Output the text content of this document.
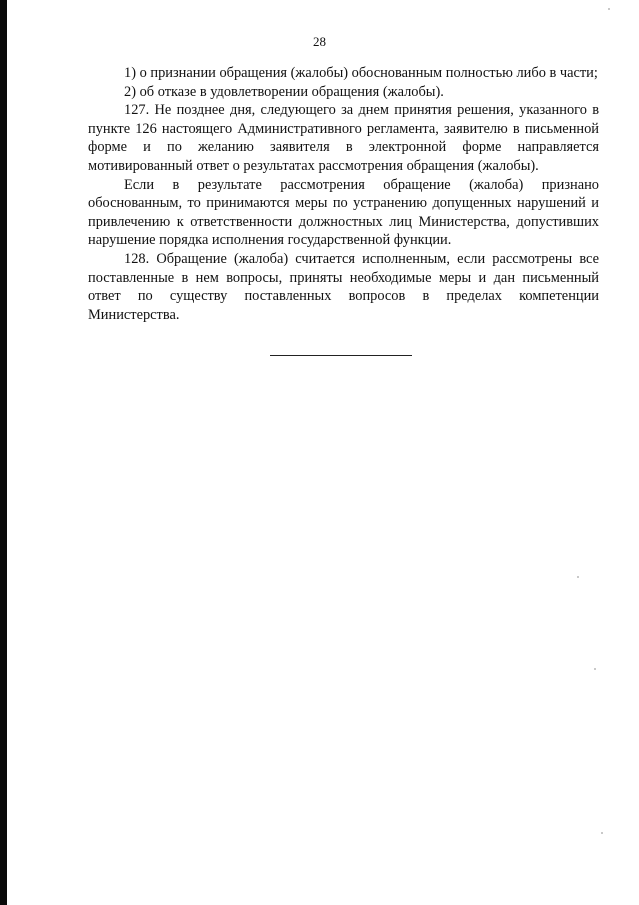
28

1) о признании обращения (жалобы) обоснованным полностью либо в части;

2) об отказе в удовлетворении обращения (жалобы).

127. Не позднее дня, следующего за днем принятия решения, указанного в пункте 126 настоящего Административного регламента, заявителю в письменной форме и по желанию заявителя в электронной форме направляется мотивированный ответ о результатах рассмотрения обращения (жалобы).

Если в результате рассмотрения обращение (жалоба) признано обоснованным, то принимаются меры по устранению допущенных нарушений и привлечению к ответственности должностных лиц Министерства, допустивших нарушение порядка исполнения государственной функции.

128. Обращение (жалоба) считается исполненным, если рассмотрены все поставленные в нем вопросы, приняты необходимые меры и дан письменный ответ по существу поставленных вопросов в пределах компетенции Министерства.
